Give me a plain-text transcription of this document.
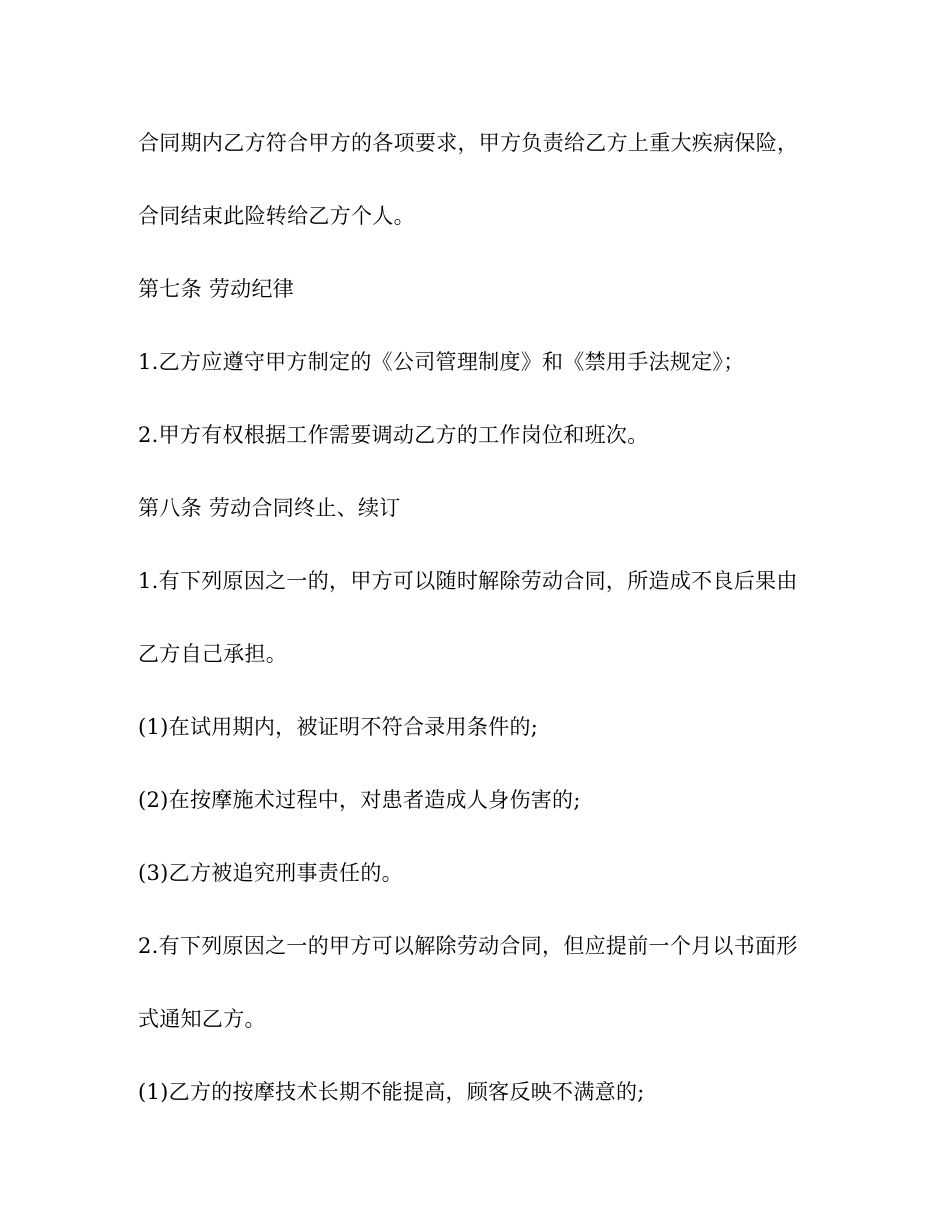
合同期内乙方符合甲方的各项要求，甲方负责给乙方上重大疾病保险，
合同结束此险转给乙方个人。
第七条 劳动纪律
1.乙方应遵守甲方制定的《公司管理制度》和《禁用手法规定》；
2.甲方有权根据工作需要调动乙方的工作岗位和班次。
第八条 劳动合同终止、续订
1.有下列原因之一的，甲方可以随时解除劳动合同，所造成不良后果由
乙方自己承担。
(1)在试用期内，被证明不符合录用条件的;
(2)在按摩施术过程中，对患者造成人身伤害的;
(3)乙方被追究刑事责任的。
2.有下列原因之一的甲方可以解除劳动合同，但应提前一个月以书面形
式通知乙方。
(1)乙方的按摩技术长期不能提高，顾客反映不满意的;
